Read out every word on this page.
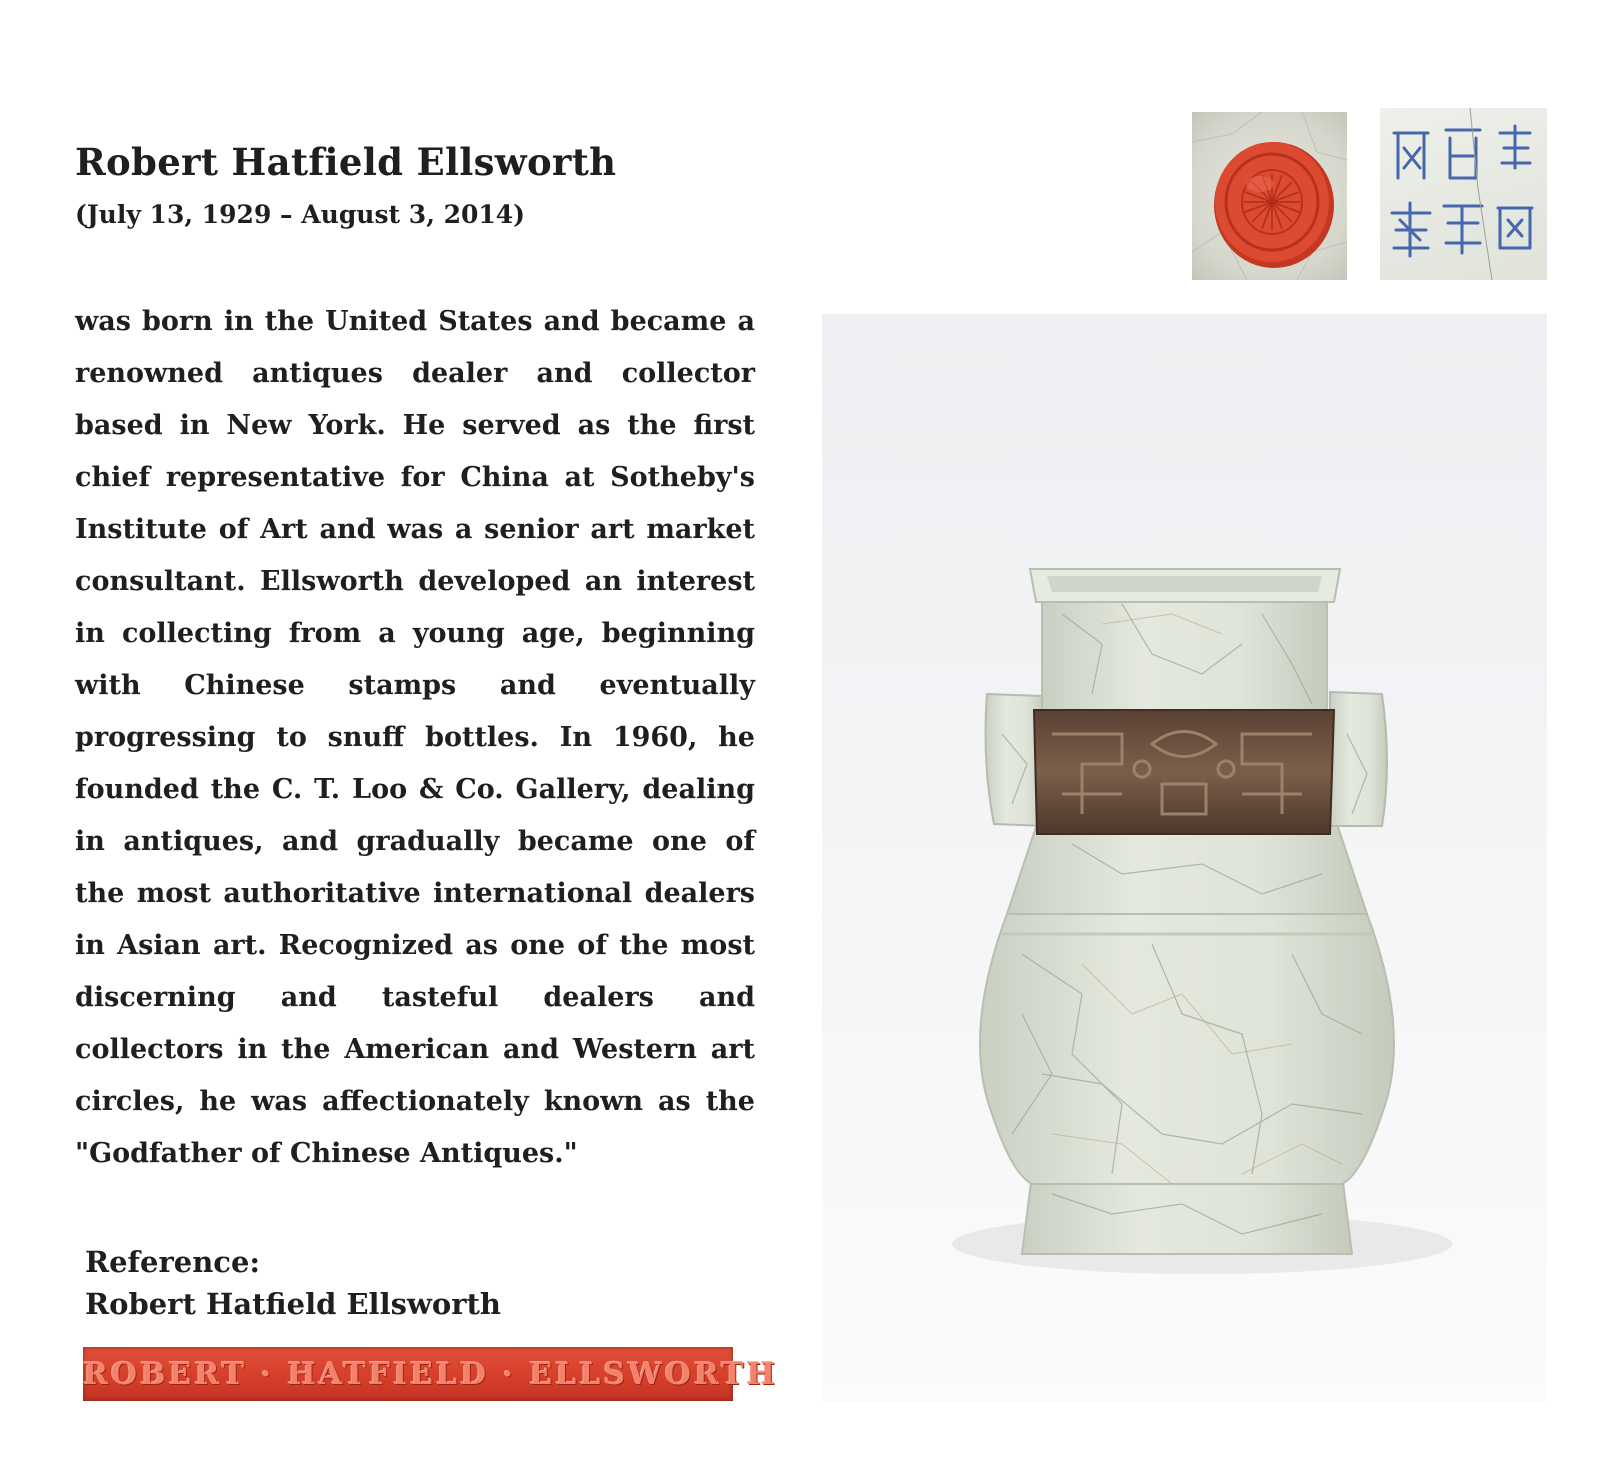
Robert Hatfield Ellsworth

(July 13, 1929 – August 3, 2014)

was born in the United States and became a renowned antiques dealer and collector based in New York. He served as the first chief representative for China at Sotheby's Institute of Art and was a senior art market consultant. Ellsworth developed an interest in collecting from a young age, beginning with Chinese stamps and eventually progressing to snuff bottles. In 1960, he founded the C. T. Loo & Co. Gallery, dealing in antiques, and gradually became one of the most authoritative international dealers in Asian art. Recognized as one of the most discerning and tasteful dealers and collectors in the American and Western art circles, he was affectionately known as the "Godfather of Chinese Antiques."

Reference:
Robert Hatfield Ellsworth
ROBERT · HATFIELD · ELLSWORTH
